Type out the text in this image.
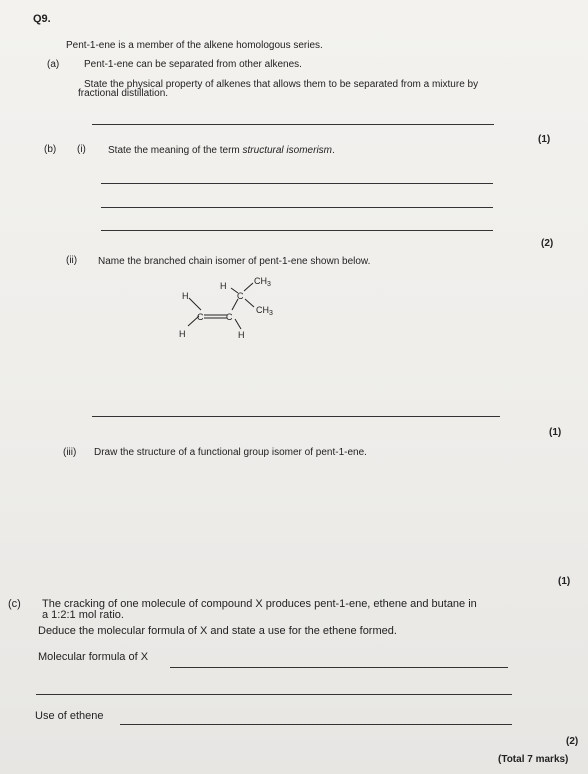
Q9.
Pent-1-ene is a member of the alkene homologous series.
(a) Pent-1-ene can be separated from other alkenes.
State the physical property of alkenes that allows them to be separated from a mixture by
fractional distillation.
(1)
(b) (i) State the meaning of the term structural isomerism.
(2)
(ii) Name the branched chain isomer of pent-1-ene shown below.
H
H	$CH_3$
C
$CH_3$
C	C
H	H
(1)
(iii) Draw the structure of a functional group isomer of pent-1-ene.
(1)
(c) The cracking of one molecule of compound X produces pent-1-ene, ethene and butane in
a 1:2:1 mol ratio.
Deduce the molecular formula of X and state a use for the ethene formed.
Molecular formula of X
Use of ethene
(2)
(Total 7 marks)
